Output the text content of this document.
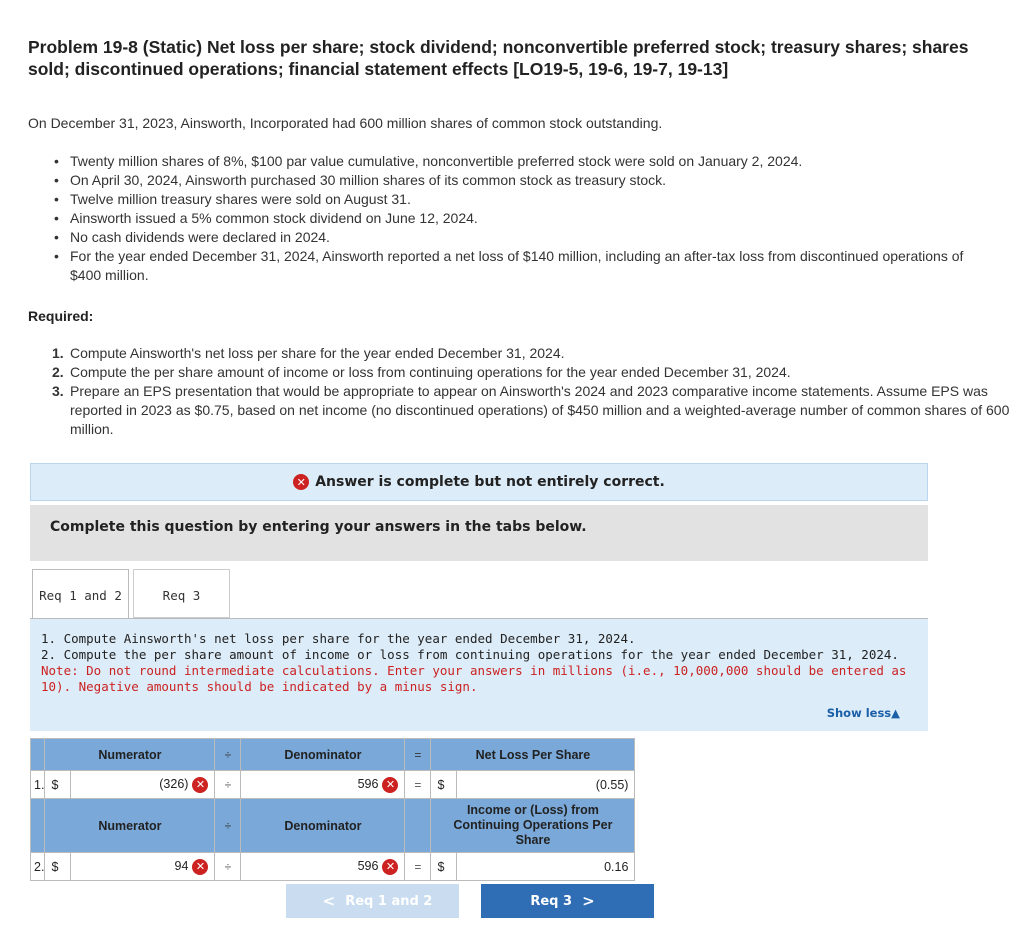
Problem 19-8 (Static) Net loss per share; stock dividend; nonconvertible preferred stock; treasury shares; shares sold; discontinued operations; financial statement effects [LO19-5, 19-6, 19-7, 19-13]
On December 31, 2023, Ainsworth, Incorporated had 600 million shares of common stock outstanding.
• Twenty million shares of 8%, $100 par value cumulative, nonconvertible preferred stock were sold on January 2, 2024.
• On April 30, 2024, Ainsworth purchased 30 million shares of its common stock as treasury stock.
• Twelve million treasury shares were sold on August 31.
• Ainsworth issued a 5% common stock dividend on June 12, 2024.
• No cash dividends were declared in 2024.
• For the year ended December 31, 2024, Ainsworth reported a net loss of $140 million, including an after-tax loss from discontinued operations of $400 million.
Required:
1. Compute Ainsworth's net loss per share for the year ended December 31, 2024.
2. Compute the per share amount of income or loss from continuing operations for the year ended December 31, 2024.
3. Prepare an EPS presentation that would be appropriate to appear on Ainsworth's 2024 and 2023 comparative income statements. Assume EPS was reported in 2023 as $0.75, based on net income (no discontinued operations) of $450 million and a weighted-average number of common shares of 600 million.
✕ Answer is complete but not entirely correct.
Complete this question by entering your answers in the tabs below.
Req 1 and 2	Req 3
1. Compute Ainsworth's net loss per share for the year ended December 31, 2024.
2. Compute the per share amount of income or loss from continuing operations for the year ended December 31, 2024.
Note: Do not round intermediate calculations. Enter your answers in millions (i.e., 10,000,000 should be entered as 10). Negative amounts should be indicated by a minus sign.
Show less▲
	Numerator		÷	Denominator	=	Net Loss Per Share	
1.	$	(326) ✕	÷	596 ✕	=	$	(0.55)
	Numerator		÷	Denominator		Income or (Loss) from Continuing Operations Per Share	
2.	$	94 ✕	÷	596 ✕	=	$	0.16
< Req 1 and 2	Req 3 >
